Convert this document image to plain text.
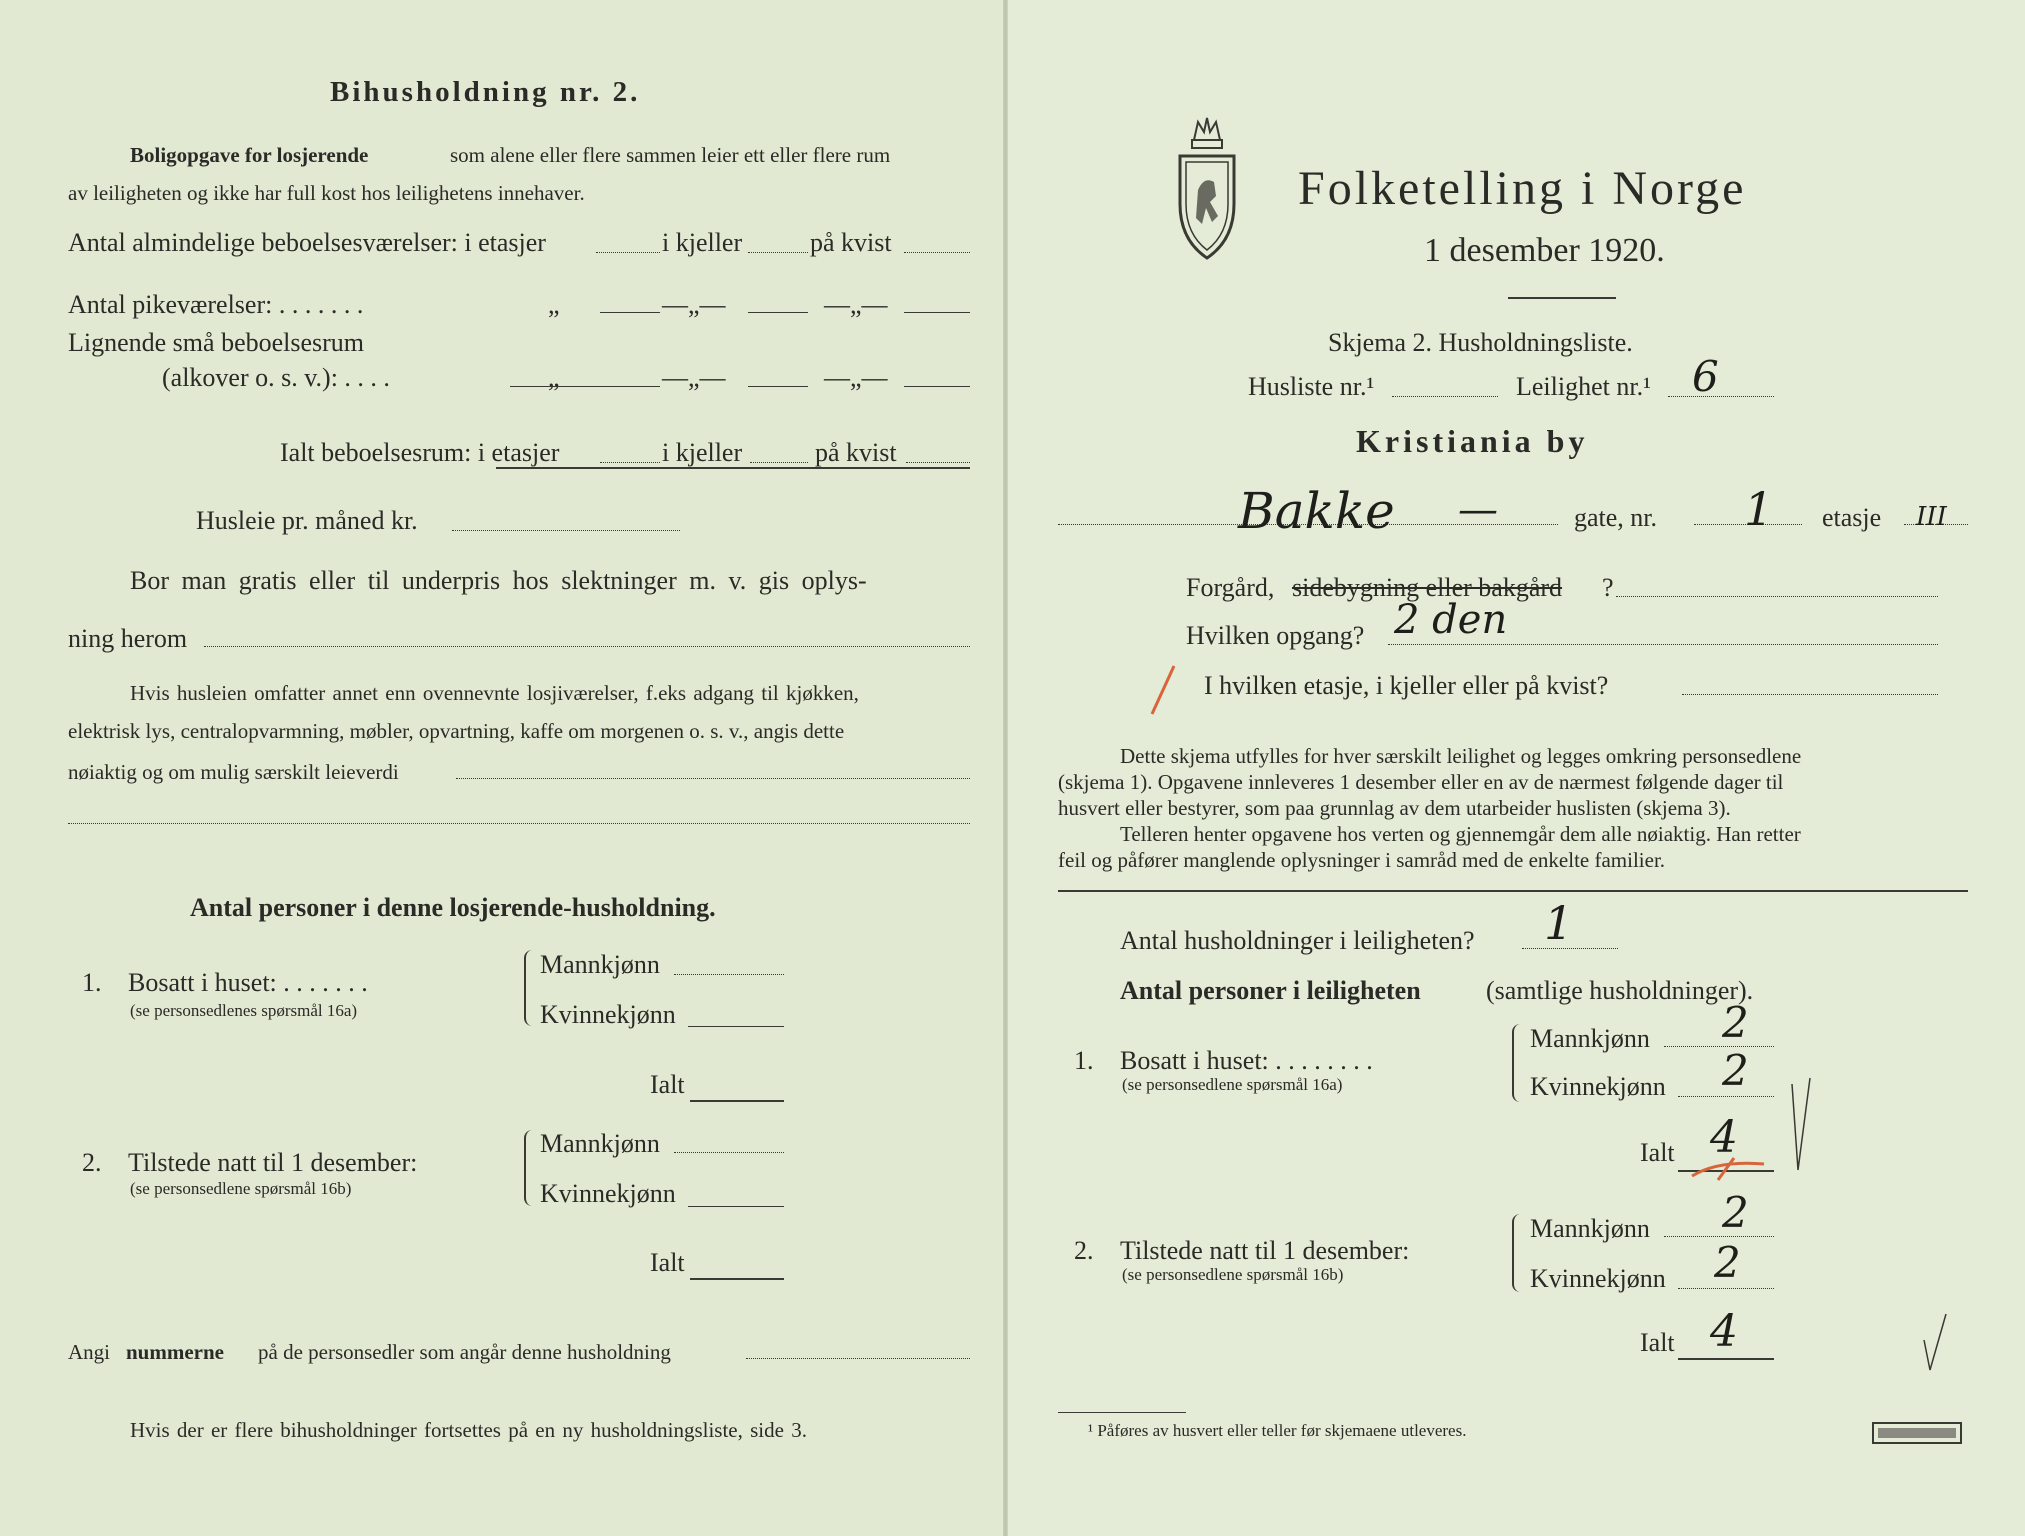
Bihusholdning nr. 2.
Boligopgave for losjerende	som alene eller flere sammen leier ett eller flere rum
av leiligheten og ikke har full kost hos leilighetens innehaver.
Antal almindelige beboelsesværelser: i etasjer	i kjeller	på kvist
Antal pikeværelser: . . . . . . .	„	—„—	—„—
Lignende små beboelsesrum
(alkover o. s. v.): . . . .	„	—„—	—„—
Ialt beboelsesrum: i etasjer	i kjeller	på kvist
Husleie pr. måned kr.
Bor man gratis eller til underpris hos slektninger m. v. gis oplys-
ning herom
Hvis husleien omfatter annet enn ovennevnte losjiværelser, f.eks adgang til kjøkken,
elektrisk lys, centralopvarmning, møbler, opvartning, kaffe om morgenen o. s. v., angis dette
nøiaktig og om mulig særskilt leieverdi
Antal personer i denne losjerende-husholdning.
1. Bosatt i huset: . . . . . . .
(se personsedlenes spørsmål 16a)
Mannkjønn
Kvinnekjønn
Ialt
2. Tilstede natt til 1 desember:
(se personsedlene spørsmål 16b)
Mannkjønn
Kvinnekjønn
Ialt
Angi nummerne på de personsedler som angår denne husholdning
Hvis der er flere bihusholdninger fortsettes på en ny husholdningsliste, side 3.
Folketelling i Norge
1 desember 1920.
Skjema 2. Husholdningsliste.
Husliste nr.¹	Leilighet nr.¹ 6
Kristiania by
Bakke —	gate, nr. 1 etasje III
Forgård, sidebygning eller bakgård ?
Hvilken opgang? 2 den
I hvilken etasje, i kjeller eller på kvist?
Dette skjema utfylles for hver særskilt leilighet og legges omkring personsedlene
(skjema 1). Opgavene innleveres 1 desember eller en av de nærmest følgende dager til
husvert eller bestyrer, som paa grunnlag av dem utarbeider huslisten (skjema 3).
Telleren henter opgavene hos verten og gjennemgår dem alle nøiaktig. Han retter
feil og påfører manglende oplysninger i samråd med de enkelte familier.
Antal husholdninger i leiligheten? 1
Antal personer i leiligheten	(samtlige husholdninger).
1. Bosatt i huset: . . . . . . . .
(se personsedlene spørsmål 16a)
Mannkjønn 2
Kvinnekjønn 2
Ialt 4
2. Tilstede natt til 1 desember:
(se personsedlene spørsmål 16b)
Mannkjønn 2
Kvinnekjønn 2
Ialt 4
¹ Påføres av husvert eller teller før skjemaene utleveres.
